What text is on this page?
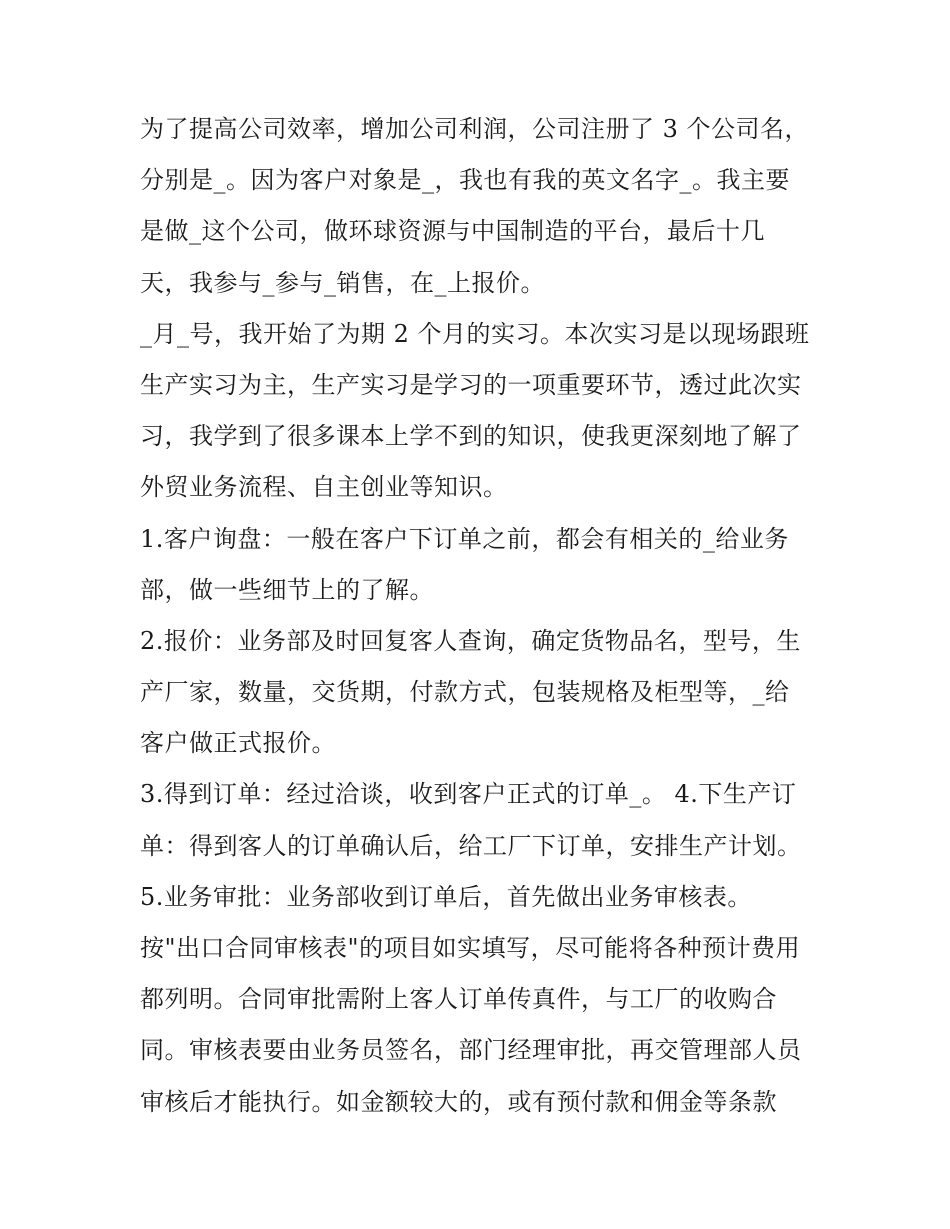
为了提高公司效率，增加公司利润，公司注册了 3 个公司名，
分别是_。因为客户对象是_，我也有我的英文名字_。我主要
是做_这个公司，做环球资源与中国制造的平台，最后十几
天，我参与_参与_销售，在_上报价。
_月_号，我开始了为期 2 个月的实习。本次实习是以现场跟班
生产实习为主，生产实习是学习的一项重要环节，透过此次实
习，我学到了很多课本上学不到的知识，使我更深刻地了解了
外贸业务流程、自主创业等知识。
1.客户询盘：一般在客户下订单之前，都会有相关的_给业务
部，做一些细节上的了解。
2.报价：业务部及时回复客人查询，确定货物品名，型号，生
产厂家，数量，交货期，付款方式，包装规格及柜型等，_给
客户做正式报价。
3.得到订单：经过洽谈，收到客户正式的订单_。 4.下生产订
单：得到客人的订单确认后，给工厂下订单，安排生产计划。
5.业务审批：业务部收到订单后，首先做出业务审核表。
按"出口合同审核表"的项目如实填写，尽可能将各种预计费用
都列明。合同审批需附上客人订单传真件，与工厂的收购合
同。审核表要由业务员签名，部门经理审批，再交管理部人员
审核后才能执行。如金额较大的，或有预付款和佣金等条款
